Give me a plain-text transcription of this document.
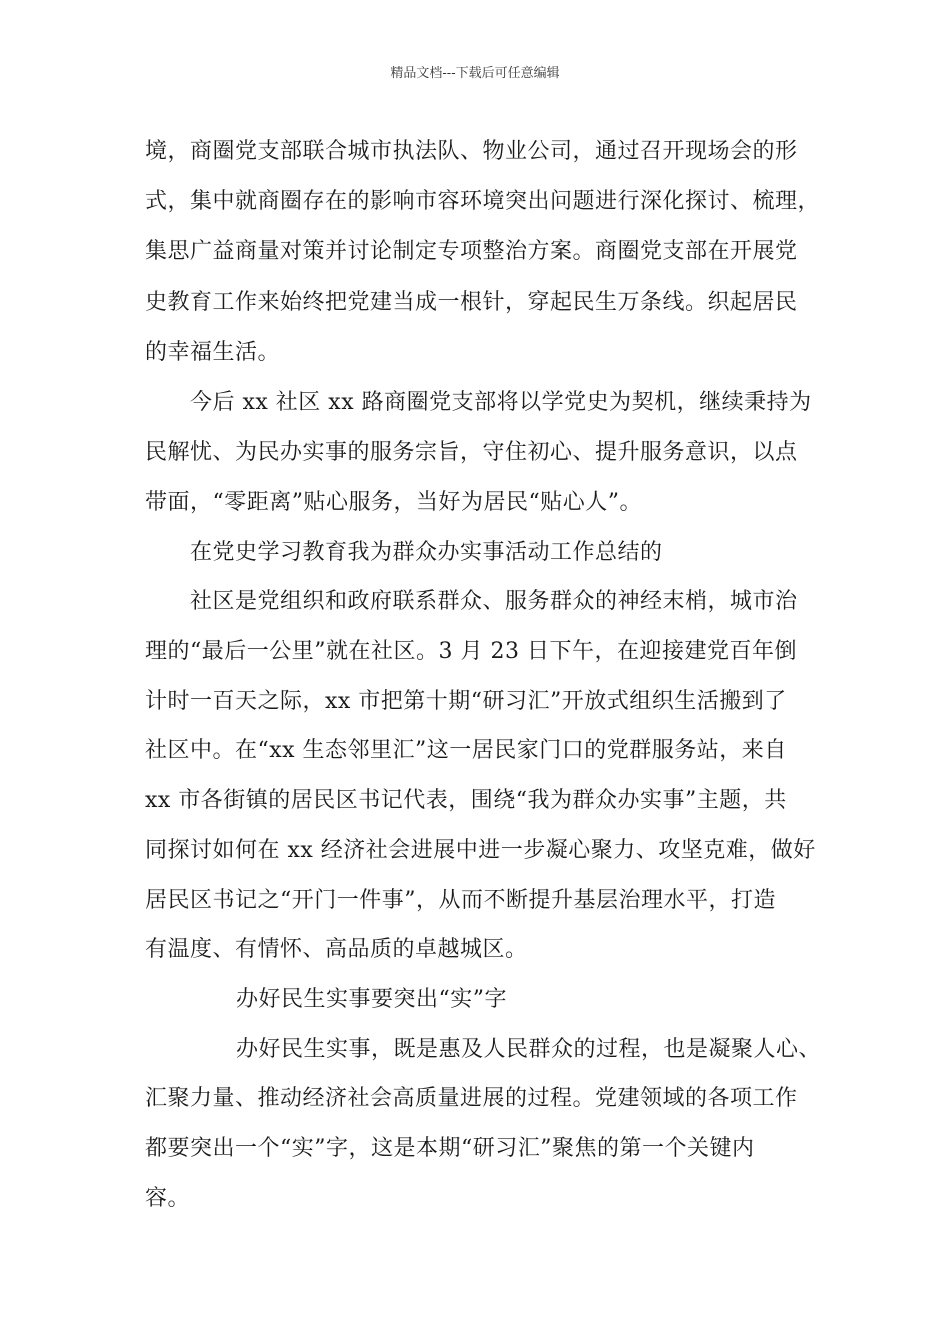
精品文档---下载后可任意编辑
境，商圈党支部联合城市执法队、物业公司，通过召开现场会的形
式，集中就商圈存在的影响市容环境突出问题进行深化探讨、梳理，
集思广益商量对策并讨论制定专项整治方案。商圈党支部在开展党
史教育工作来始终把党建当成一根针，穿起民生万条线。织起居民
的幸福生活。
今后 xx 社区 xx 路商圈党支部将以学党史为契机，继续秉持为
民解忧、为民办实事的服务宗旨，守住初心、提升服务意识，以点
带面，“零距离”贴心服务，当好为居民“贴心人”。
在党史学习教育我为群众办实事活动工作总结的
社区是党组织和政府联系群众、服务群众的神经末梢，城市治
理的“最后一公里”就在社区。3 月 23 日下午，在迎接建党百年倒
计时一百天之际，xx 市把第十期“研习汇”开放式组织生活搬到了
社区中。在“xx 生态邻里汇”这一居民家门口的党群服务站，来自
xx 市各街镇的居民区书记代表，围绕“我为群众办实事”主题，共
同探讨如何在 xx 经济社会进展中进一步凝心聚力、攻坚克难，做好
居民区书记之“开门一件事”，从而不断提升基层治理水平，打造
有温度、有情怀、高品质的卓越城区。
办好民生实事要突出“实”字
办好民生实事，既是惠及人民群众的过程，也是凝聚人心、
汇聚力量、推动经济社会高质量进展的过程。党建领域的各项工作
都要突出一个“实”字，这是本期“研习汇”聚焦的第一个关键内
容。
